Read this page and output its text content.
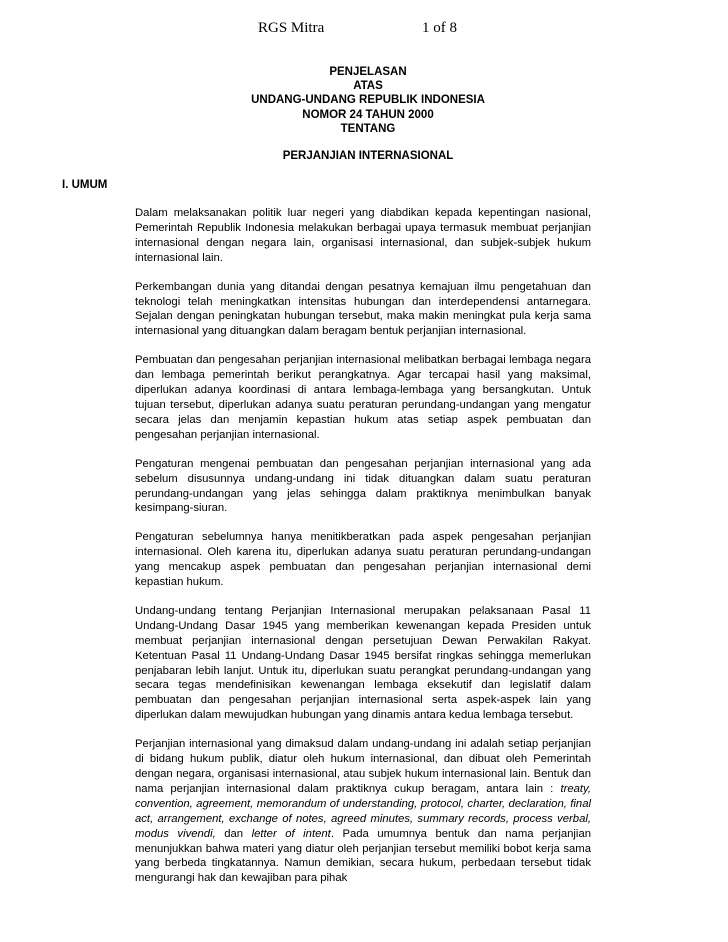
RGS Mitra	1 of 8
PENJELASAN
ATAS
UNDANG-UNDANG REPUBLIK INDONESIA
NOMOR 24 TAHUN 2000
TENTANG
PERJANJIAN INTERNASIONAL
I. UMUM

Dalam melaksanakan politik luar negeri yang diabdikan kepada kepentingan nasional, Pemerintah Republik Indonesia melakukan berbagai upaya termasuk membuat perjanjian internasional dengan negara lain, organisasi internasional, dan subjek-subjek hukum internasional lain.

Perkembangan dunia yang ditandai dengan pesatnya kemajuan ilmu pengetahuan dan teknologi telah meningkatkan intensitas hubungan dan interdependensi antarnegara. Sejalan dengan peningkatan hubungan tersebut, maka makin meningkat pula kerja sama internasional yang dituangkan dalam beragam bentuk perjanjian internasional.

Pembuatan dan pengesahan perjanjian internasional melibatkan berbagai lembaga negara dan lembaga pemerintah berikut perangkatnya. Agar tercapai hasil yang maksimal, diperlukan adanya koordinasi di antara lembaga-lembaga yang bersangkutan. Untuk tujuan tersebut, diperlukan adanya suatu peraturan perundang-undangan yang mengatur secara jelas dan menjamin kepastian hukum atas setiap aspek pembuatan dan pengesahan perjanjian internasional.

Pengaturan mengenai pembuatan dan pengesahan perjanjian internasional yang ada sebelum disusunnya undang-undang ini tidak dituangkan dalam suatu peraturan perundang-undangan yang jelas sehingga dalam praktiknya menimbulkan banyak kesimpang-siuran.

Pengaturan sebelumnya hanya menitikberatkan pada aspek pengesahan perjanjian internasional. Oleh karena itu, diperlukan adanya suatu peraturan perundang-undangan yang mencakup aspek pembuatan dan pengesahan perjanjian internasional demi kepastian hukum.

Undang-undang tentang Perjanjian Internasional merupakan pelaksanaan Pasal 11 Undang-Undang Dasar 1945 yang memberikan kewenangan kepada Presiden untuk membuat perjanjian internasional dengan persetujuan Dewan Perwakilan Rakyat. Ketentuan Pasal 11 Undang-Undang Dasar 1945 bersifat ringkas sehingga memerlukan penjabaran lebih lanjut. Untuk itu, diperlukan suatu perangkat perundang-undangan yang secara tegas mendefinisikan kewenangan lembaga eksekutif dan legislatif dalam pembuatan dan pengesahan perjanjian internasional serta aspek-aspek lain yang diperlukan dalam mewujudkan hubungan yang dinamis antara kedua lembaga tersebut.

Perjanjian internasional yang dimaksud dalam undang-undang ini adalah setiap perjanjian di bidang hukum publik, diatur oleh hukum internasional, dan dibuat oleh Pemerintah dengan negara, organisasi internasional, atau subjek hukum internasional lain. Bentuk dan nama perjanjian internasional dalam praktiknya cukup beragam, antara lain : treaty, convention, agreement, memorandum of understanding, protocol, charter, declaration, final act, arrangement, exchange of notes, agreed minutes, summary records, process verbal, modus vivendi, dan letter of intent. Pada umumnya bentuk dan nama perjanjian menunjukkan bahwa materi yang diatur oleh perjanjian tersebut memiliki bobot kerja sama yang berbeda tingkatannya. Namun demikian, secara hukum, perbedaan tersebut tidak mengurangi hak dan kewajiban para pihak
